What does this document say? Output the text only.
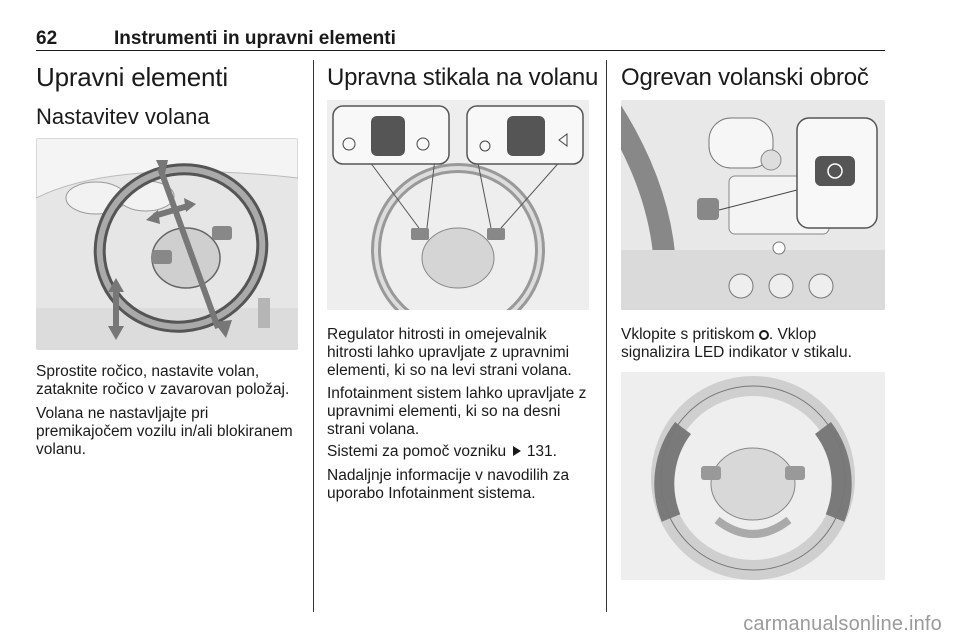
62	Instrumenti in upravni elementi
Upravni elementi
Nastavitev volana

Sprostite ročico, nastavite volan, zataknite ročico v zavarovan položaj.

Volana ne nastavljajte pri premikajočem vozilu in/ali blokiranem volanu.

Upravna stikala na volanu

Regulator hitrosti in omejevalnik hitrosti lahko upravljate z upravnimi elementi, ki so na levi strani volana.

Infotainment sistem lahko upravljate z upravnimi elementi, ki so na desni strani volana.

Sistemi za pomoč vozniku 131.

Nadaljnje informacije v navodilih za uporabo Infotainment sistema.

Ogrevan volanski obroč

Vklopite s pritiskom . Vklop signalizira LED indikator v stikalu.

carmanualsonline.info
